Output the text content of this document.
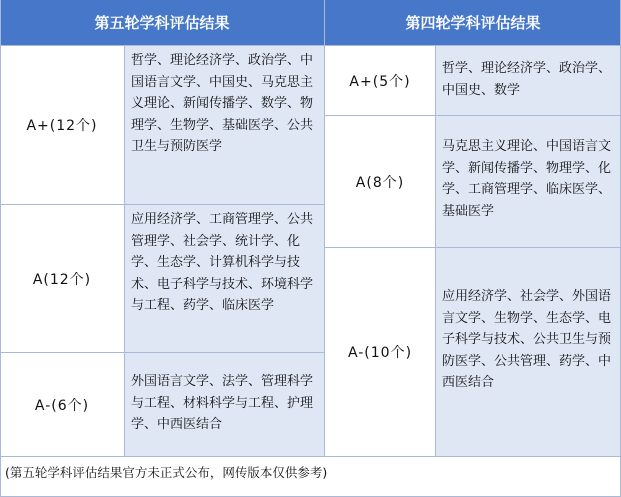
第五轮学科评估结果	第四轮学科评估结果
A+(12个)
哲学、理论经济学、政治学、中国语言文学、中国史、马克思主义理论、新闻传播学、数学、物理学、生物学、基础医学、公共卫生与预防医学
A(12个)
应用经济学、工商管理学、公共管理学、社会学、统计学、化学、生态学、计算机科学与技术、电子科学与技术、环境科学与工程、药学、临床医学
A-(6个)
外国语言文学、法学、管理科学与工程、材料科学与工程、护理学、中西医结合
A+(5个)
哲学、理论经济学、政治学、中国史、数学
A(8个)
马克思主义理论、中国语言文学、新闻传播学、物理学、化学、工商管理学、临床医学、基础医学
A-(10个)
应用经济学、社会学、外国语言文学、生物学、生态学、电子科学与技术、公共卫生与预防医学、公共管理、药学、中西医结合
(第五轮学科评估结果官方未正式公布，网传版本仅供参考)
